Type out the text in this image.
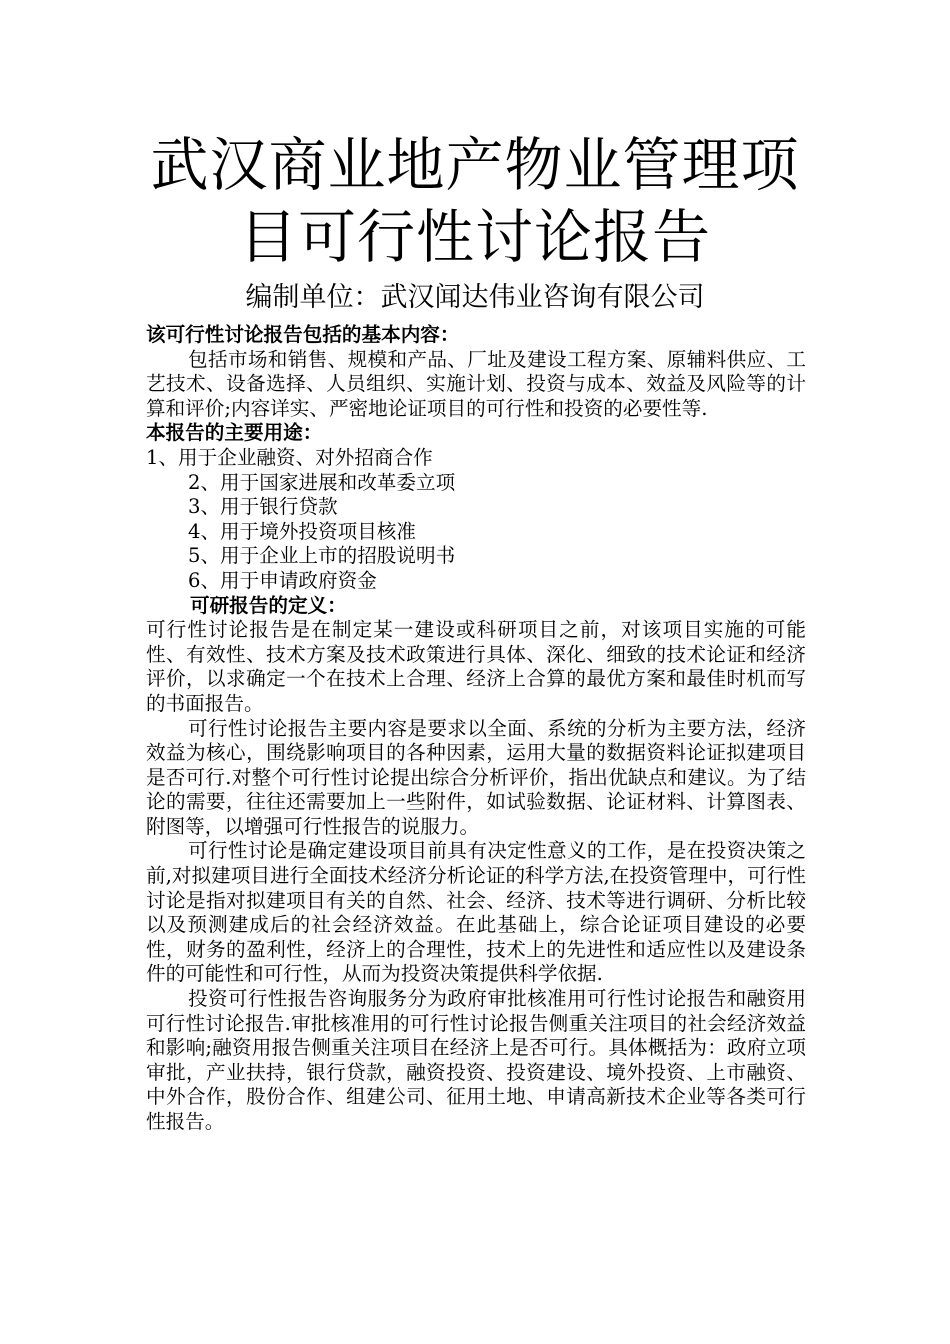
武汉商业地产物业管理项
目可行性讨论报告
编制单位：武汉闻达伟业咨询有限公司
该可行性讨论报告包括的基本内容：

包括市场和销售、规模和产品、厂址及建设工程方案、原辅料供应、工艺技术、设备选择、人员组织、实施计划、投资与成本、效益及风险等的计算和评价;内容详实、严密地论证项目的可行性和投资的必要性等.

本报告的主要用途：
1、用于企业融资、对外招商合作
2、用于国家进展和改革委立项
3、用于银行贷款
4、用于境外投资项目核准
5、用于企业上市的招股说明书
6、用于申请政府资金
可研报告的定义：

可行性讨论报告是在制定某一建设或科研项目之前，对该项目实施的可能性、有效性、技术方案及技术政策进行具体、深化、细致的技术论证和经济评价，以求确定一个在技术上合理、经济上合算的最优方案和最佳时机而写的书面报告。

可行性讨论报告主要内容是要求以全面、系统的分析为主要方法，经济效益为核心，围绕影响项目的各种因素，运用大量的数据资料论证拟建项目是否可行.对整个可行性讨论提出综合分析评价，指出优缺点和建议。为了结论的需要，往往还需要加上一些附件，如试验数据、论证材料、计算图表、附图等，以增强可行性报告的说服力。

可行性讨论是确定建设项目前具有决定性意义的工作，是在投资决策之前,对拟建项目进行全面技术经济分析论证的科学方法,在投资管理中，可行性讨论是指对拟建项目有关的自然、社会、经济、技术等进行调研、分析比较以及预测建成后的社会经济效益。在此基础上，综合论证项目建设的必要性，财务的盈利性，经济上的合理性，技术上的先进性和适应性以及建设条件的可能性和可行性，从而为投资决策提供科学依据.

投资可行性报告咨询服务分为政府审批核准用可行性讨论报告和融资用可行性讨论报告.审批核准用的可行性讨论报告侧重关注项目的社会经济效益和影响;融资用报告侧重关注项目在经济上是否可行。具体概括为：政府立项审批，产业扶持，银行贷款，融资投资、投资建设、境外投资、上市融资、中外合作，股份合作、组建公司、征用土地、申请高新技术企业等各类可行性报告。
